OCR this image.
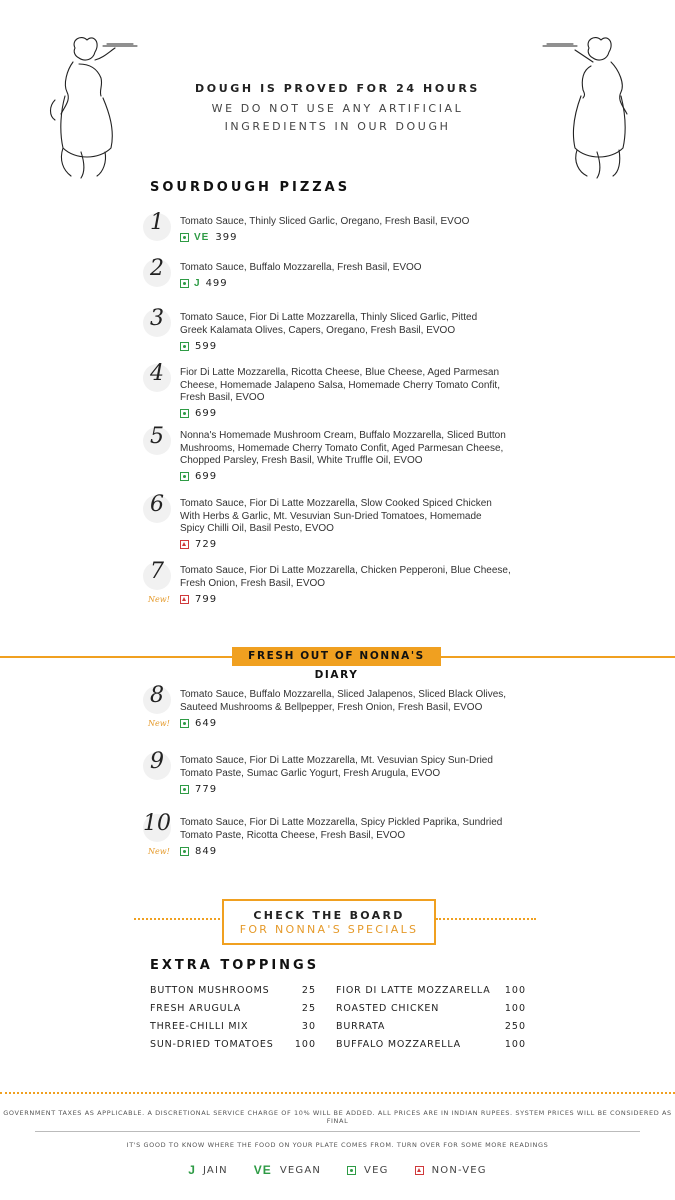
DOUGH IS PROVED FOR 24 HOURS
WE DO NOT USE ANY ARTIFICIAL
INGREDIENTS IN OUR DOUGH
SOURDOUGH PIZZAS
1	Tomato Sauce, Thinly Sliced Garlic, Oregano, Fresh Basil, EVOO
VE 399
2	Tomato Sauce, Buffalo Mozzarella, Fresh Basil, EVOO
J 499
3	Tomato Sauce, Fior Di Latte Mozzarella, Thinly Sliced Garlic, Pitted
Greek Kalamata Olives, Capers, Oregano, Fresh Basil, EVOO
599
4	Fior Di Latte Mozzarella, Ricotta Cheese, Blue Cheese, Aged Parmesan
Cheese, Homemade Jalapeno Salsa, Homemade Cherry Tomato Confit,
Fresh Basil, EVOO
699
5	Nonna's Homemade Mushroom Cream, Buffalo Mozzarella, Sliced Button
Mushrooms, Homemade Cherry Tomato Confit, Aged Parmesan Cheese,
Chopped Parsley, Fresh Basil, White Truffle Oil, EVOO
699
6	Tomato Sauce, Fior Di Latte Mozzarella, Slow Cooked Spiced Chicken
With Herbs & Garlic, Mt. Vesuvian Sun-Dried Tomatoes, Homemade
Spicy Chilli Oil, Basil Pesto, EVOO
729
7	Tomato Sauce, Fior Di Latte Mozzarella, Chicken Pepperoni, Blue Cheese,
Fresh Onion, Fresh Basil, EVOO
799
New!
FRESH OUT OF NONNA'S DIARY
8	Tomato Sauce, Buffalo Mozzarella, Sliced Jalapenos, Sliced Black Olives,
Sauteed Mushrooms & Bellpepper, Fresh Onion, Fresh Basil, EVOO
649
New!
9	Tomato Sauce, Fior Di Latte Mozzarella, Mt. Vesuvian Spicy Sun-Dried
Tomato Paste, Sumac Garlic Yogurt, Fresh Arugula, EVOO
779
10 Tomato Sauce, Fior Di Latte Mozzarella, Spicy Pickled Paprika, Sundried
Tomato Paste, Ricotta Cheese, Fresh Basil, EVOO
849
New!
CHECK THE BOARD
FOR NONNA'S SPECIALS
EXTRA TOPPINGS
BUTTON MUSHROOMS	25
FRESH ARUGULA	25
THREE-CHILLI MIX	30
SUN-DRIED TOMATOES	100
FIOR DI LATTE MOZZARELLA	100
ROASTED CHICKEN	100
BURRATA	250
BUFFALO MOZZARELLA	100
GOVERNMENT TAXES AS APPLICABLE. A DISCRETIONAL SERVICE CHARGE OF 10% WILL BE ADDED. ALL PRICES ARE IN INDIAN RUPEES. SYSTEM PRICES WILL BE CONSIDERED AS FINAL
IT'S GOOD TO KNOW WHERE THE FOOD ON YOUR PLATE COMES FROM. TURN OVER FOR SOME MORE READINGS
J JAIN VE VEGAN	VEG	NON-VEG
